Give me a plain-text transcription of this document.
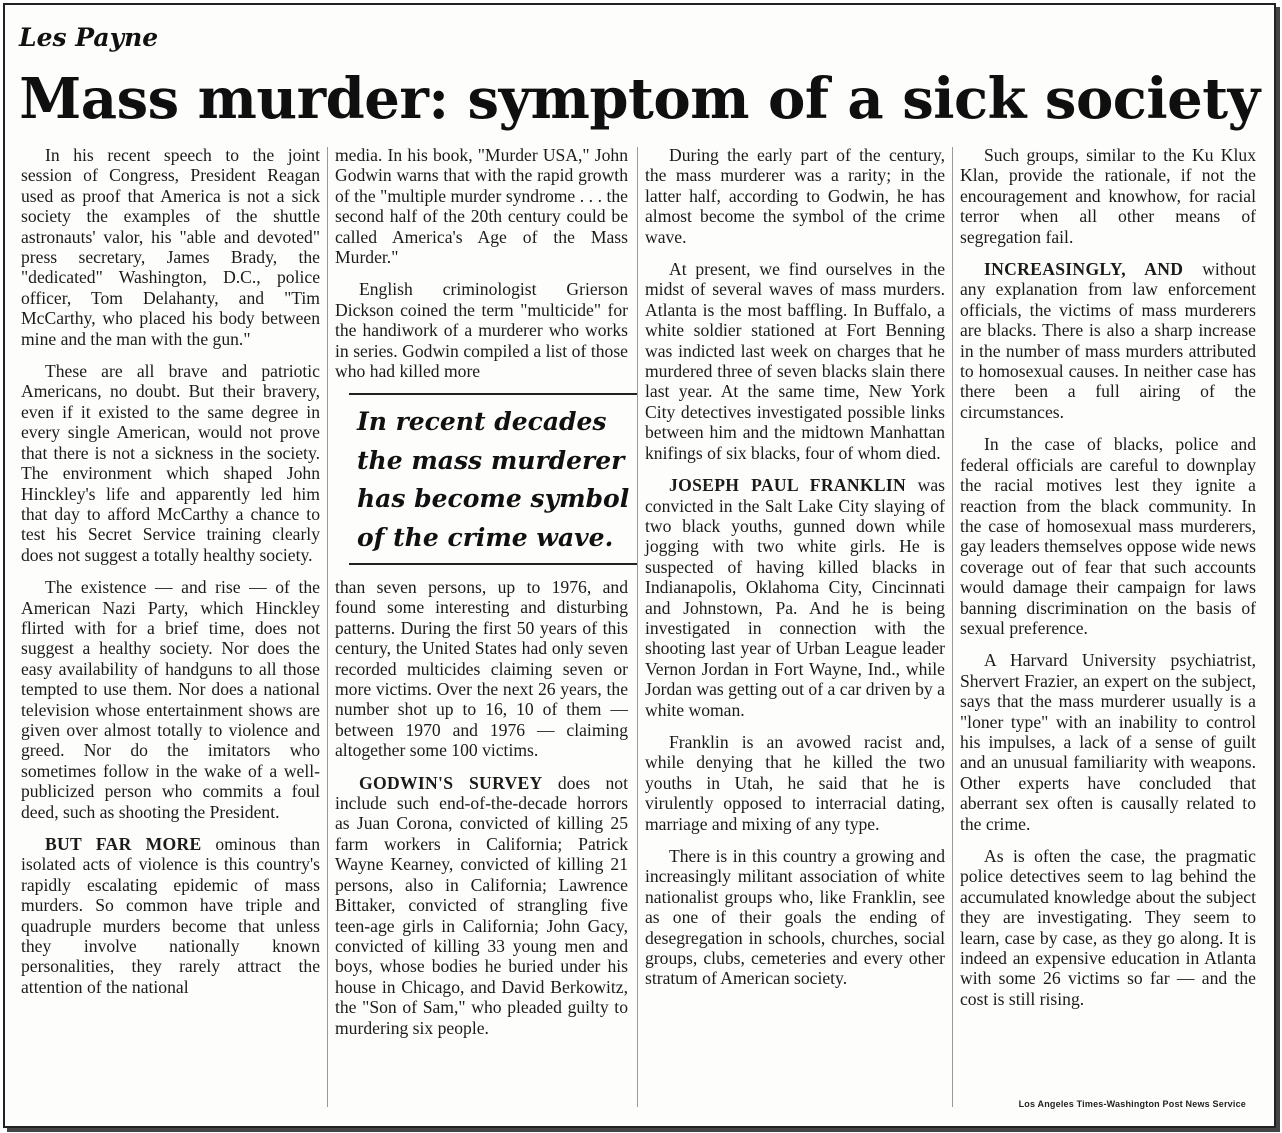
Les Payne
Mass murder: symptom of a sick society

In his recent speech to the joint session of Congress, President Reagan used as proof that America is not a sick society the examples of the shuttle astronauts' valor, his "able and devoted" press secretary, James Brady, the "dedicated" Washington, D.C., police officer, Tom Delahanty, and "Tim McCarthy, who placed his body between mine and the man with the gun."

These are all brave and patriotic Americans, no doubt. But their bravery, even if it existed to the same degree in every single American, would not prove that there is not a sickness in the society. The environment which shaped John Hinckley's life and apparently led him that day to afford McCarthy a chance to test his Secret Service training clearly does not suggest a totally healthy society.

The existence — and rise — of the American Nazi Party, which Hinckley flirted with for a brief time, does not suggest a healthy society. Nor does the easy availability of handguns to all those tempted to use them. Nor does a national television whose entertainment shows are given over almost totally to violence and greed. Nor do the imitators who sometimes follow in the wake of a well-publicized person who commits a foul deed, such as shooting the President.

BUT FAR MORE ominous than isolated acts of violence is this country's rapidly escalating epidemic of mass murders. So common have triple and quadruple murders become that unless they involve nationally known personalities, they rarely attract the attention of the national

media. In his book, "Murder USA," John Godwin warns that with the rapid growth of the "multiple murder syndrome . . . the second half of the 20th century could be called America's Age of the Mass Murder."

English criminologist Grierson Dickson coined the term "multicide" for the handiwork of a murderer who works in series. Godwin compiled a list of those who had killed more

In recent decades the mass murderer has become symbol of the crime wave.

than seven persons, up to 1976, and found some interesting and disturbing patterns. During the first 50 years of this century, the United States had only seven recorded multicides claiming seven or more victims. Over the next 26 years, the number shot up to 16, 10 of them — between 1970 and 1976 — claiming altogether some 100 victims.

GODWIN'S SURVEY does not include such end-of-the-decade horrors as Juan Corona, convicted of killing 25 farm workers in California; Patrick Wayne Kearney, convicted of killing 21 persons, also in California; Lawrence Bittaker, convicted of strangling five teen-age girls in California; John Gacy, convicted of killing 33 young men and boys, whose bodies he buried under his house in Chicago, and David Berkowitz, the "Son of Sam," who pleaded guilty to murdering six people.

During the early part of the century, the mass murderer was a rarity; in the latter half, according to Godwin, he has almost become the symbol of the crime wave.

At present, we find ourselves in the midst of several waves of mass murders. Atlanta is the most baffling. In Buffalo, a white soldier stationed at Fort Benning was indicted last week on charges that he murdered three of seven blacks slain there last year. At the same time, New York City detectives investigated possible links between him and the midtown Manhattan knifings of six blacks, four of whom died.

JOSEPH PAUL FRANKLIN was convicted in the Salt Lake City slaying of two black youths, gunned down while jogging with two white girls. He is suspected of having killed blacks in Indianapolis, Oklahoma City, Cincinnati and Johnstown, Pa. And he is being investigated in connection with the shooting last year of Urban League leader Vernon Jordan in Fort Wayne, Ind., while Jordan was getting out of a car driven by a white woman.

Franklin is an avowed racist and, while denying that he killed the two youths in Utah, he said that he is virulently opposed to interracial dating, marriage and mixing of any type.

There is in this country a growing and increasingly militant association of white nationalist groups who, like Franklin, see as one of their goals the ending of desegregation in schools, churches, social groups, clubs, cemeteries and every other stratum of American society.

Such groups, similar to the Ku Klux Klan, provide the rationale, if not the encouragement and knowhow, for racial terror when all other means of segregation fail.

INCREASINGLY, AND without any explanation from law enforcement officials, the victims of mass murderers are blacks. There is also a sharp increase in the number of mass murders attributed to homosexual causes. In neither case has there been a full airing of the circumstances.

In the case of blacks, police and federal officials are careful to downplay the racial motives lest they ignite a reaction from the black community. In the case of homosexual mass murderers, gay leaders themselves oppose wide news coverage out of fear that such accounts would damage their campaign for laws banning discrimination on the basis of sexual preference.

A Harvard University psychiatrist, Shervert Frazier, an expert on the subject, says that the mass murderer usually is a "loner type" with an inability to control his impulses, a lack of a sense of guilt and an unusual familiarity with weapons. Other experts have concluded that aberrant sex often is causally related to the crime.

As is often the case, the pragmatic police detectives seem to lag behind the accumulated knowledge about the subject they are investigating. They seem to learn, case by case, as they go along. It is indeed an expensive education in Atlanta with some 26 victims so far — and the cost is still rising.

Los Angeles Times-Washington Post News Service
